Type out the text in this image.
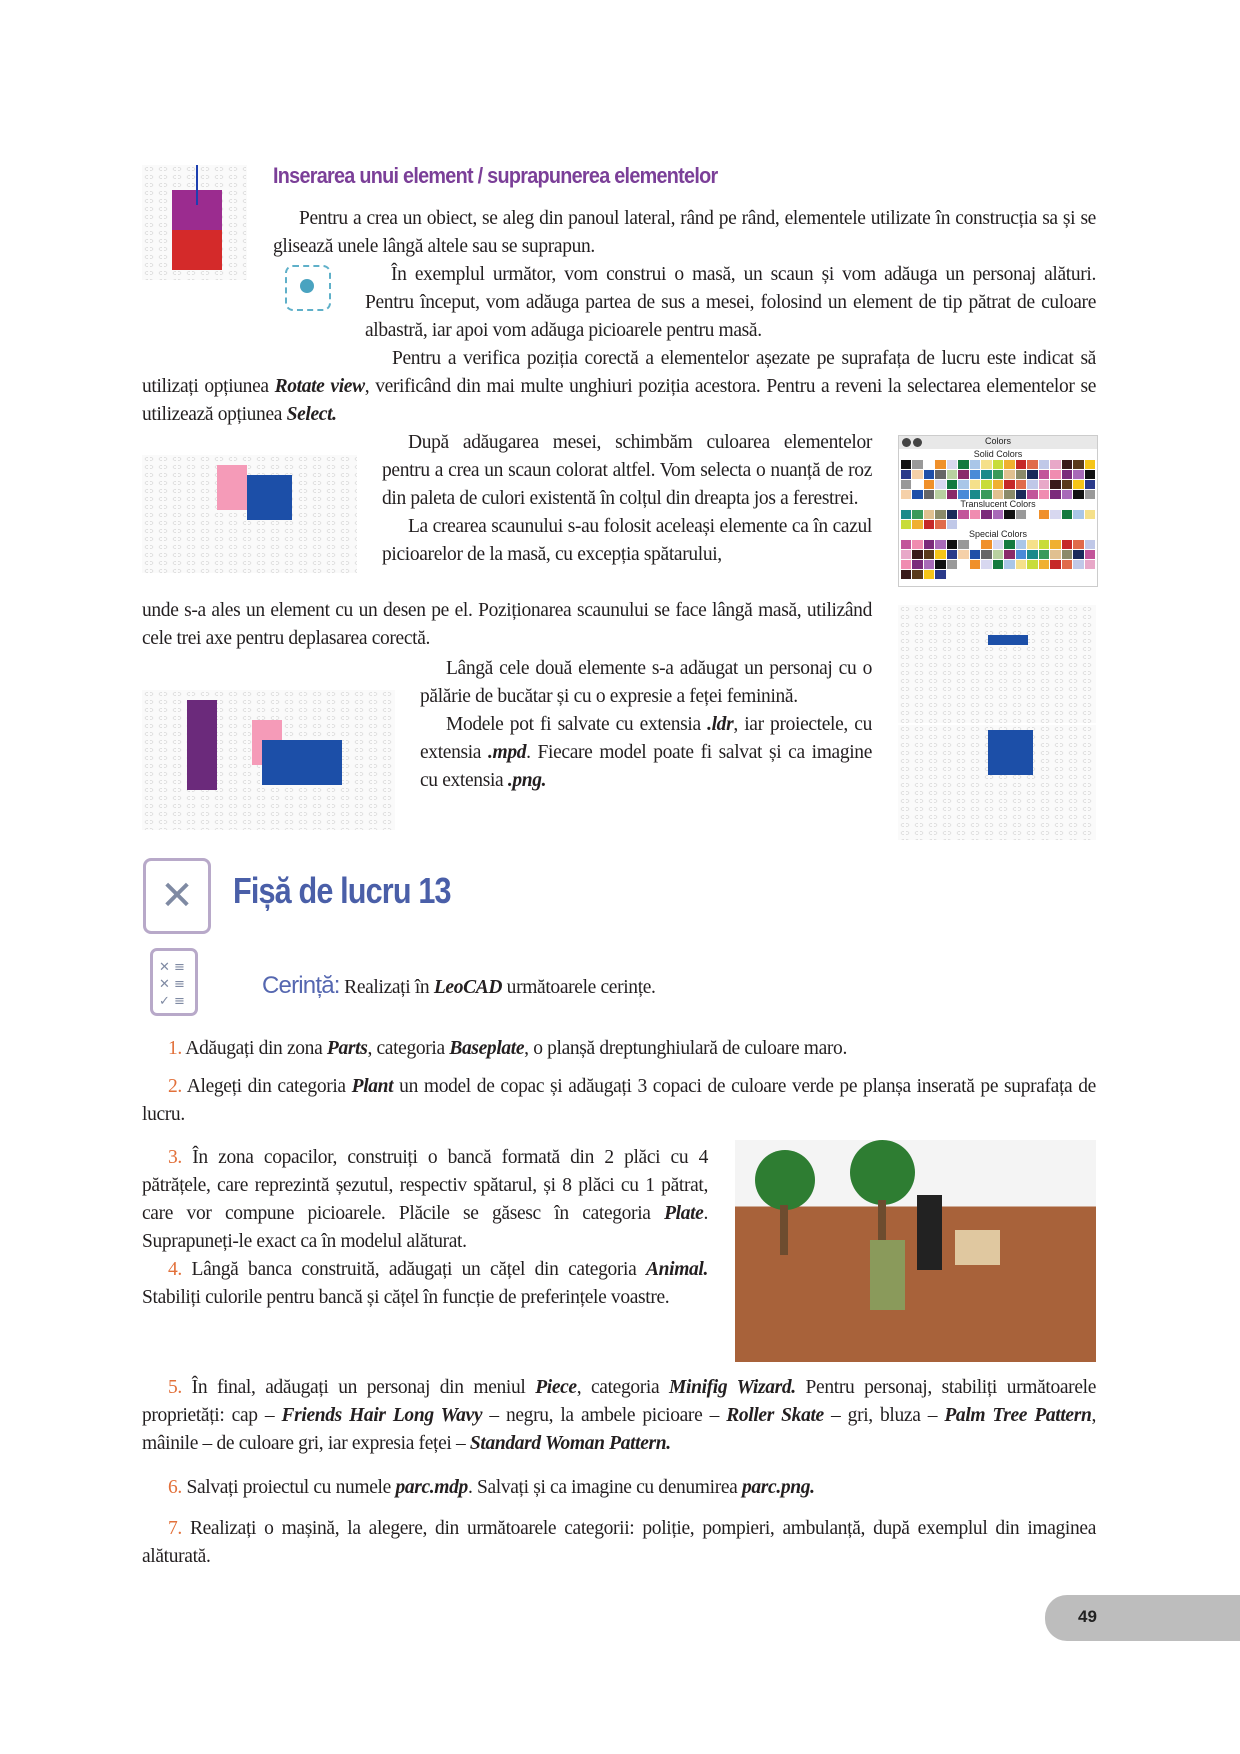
Inserarea unui element / suprapunerea elementelor

Pentru a crea un obiect, se aleg din panoul lateral, rând pe rând, elementele utilizate în construcția sa și se glisează unele lângă altele sau se suprapun.

În exemplul următor, vom construi o masă, un scaun și vom adăuga un personaj alături. Pentru început, vom adăuga partea de sus a mesei, folosind un element de tip pătrat de culoare albastră, iar apoi vom adăuga picioarele pentru masă.

Pentru a verifica poziția corectă a elementelor așezate pe suprafața de lucru este indicat să utilizați opțiunea Rotate view, verificând din mai multe unghiuri poziția acestora. Pentru a reveni la selectarea elementelor se utilizează opțiunea Select.

După adăugarea mesei, schimbăm culoarea elementelor pentru a crea un scaun colorat altfel. Vom selecta o nuanță de roz din paleta de culori existentă în colțul din dreapta jos a ferestrei.

La crearea scaunului s-au folosit aceleași elemente ca în cazul picioarelor de la masă, cu excepția spătarului,

unde s-a ales un element cu un desen pe el. Poziționarea scaunului se face lângă masă, utilizând cele trei axe pentru deplasarea corectă.

Colors
Solid Colors
Translucent Colors
Special Colors

Lângă cele două elemente s-a adăugat un personaj cu o pălărie de bucătar și cu o expresie a feței feminină.

Modele pot fi salvate cu extensia .ldr, iar proiectele, cu extensia .mpd. Fiecare model poate fi salvat și ca imagine cu extensia .png.

✕	Fișă de lucru 13
✕ ≡
✕ ≡
✓ ≡
Cerință: Realizați în LeoCAD următoarele cerințe.

1. Adăugați din zona Parts, categoria Baseplate, o planșă dreptunghiulară de culoare maro.

2. Alegeți din categoria Plant un model de copac și adăugați 3 copaci de culoare verde pe planșa inserată pe suprafața de lucru.

3. În zona copacilor, construiți o bancă formată din 2 plăci cu 4 pătrățele, care reprezintă șezutul, respectiv spătarul, și 8 plăci cu 1 pătrat, care vor compune picioarele. Plăcile se găsesc în categoria Plate. Suprapuneți-le exact ca în modelul alăturat.

4. Lângă banca construită, adăugați un cățel din categoria Animal. Stabiliți culorile pentru bancă și cățel în funcție de preferințele voastre.

5. În final, adăugați un personaj din meniul Piece, categoria Minifig Wizard. Pentru personaj, stabiliți următoarele proprietăți: cap – Friends Hair Long Wavy – negru, la ambele picioare – Roller Skate – gri, bluza – Palm Tree Pattern, mâinile – de culoare gri, iar expresia feței – Standard Woman Pattern.

6. Salvați proiectul cu numele parc.mdp. Salvați și ca imagine cu denumirea parc.png.

7. Realizați o mașină, la alegere, din următoarele categorii: poliție, pompieri, ambulanță, după exemplul din imaginea alăturată.

49
